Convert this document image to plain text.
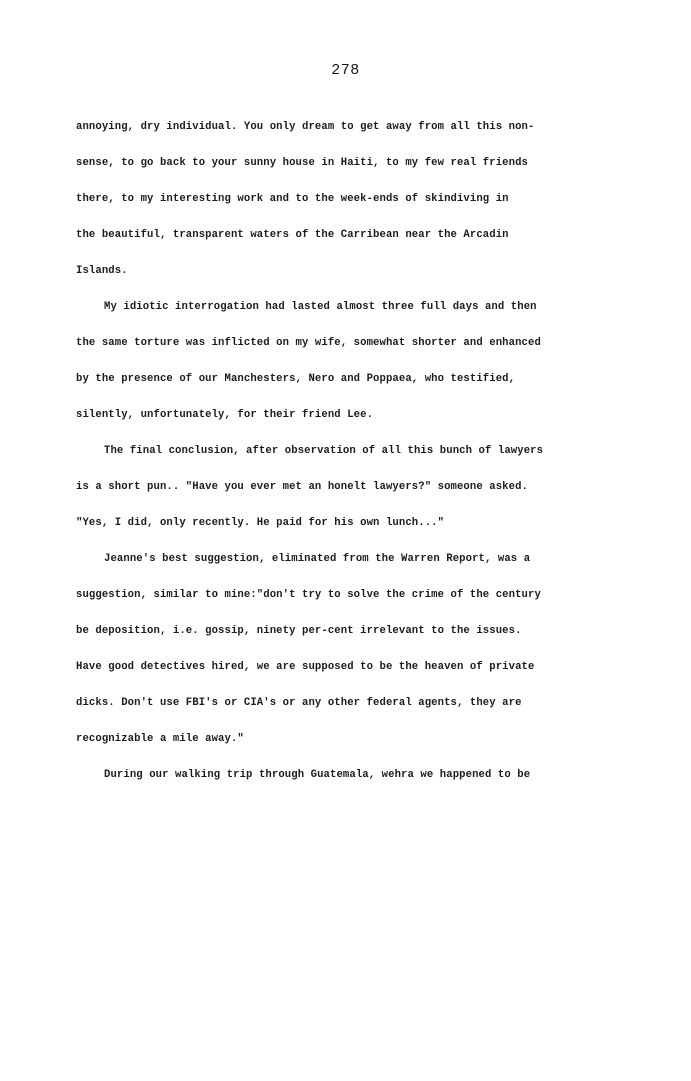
278
annoying, dry individual. You only dream to get away from all this non-
sense, to go back to your sunny house in Haiti, to my few real friends
there, to my interesting work and to the week-ends of skindiving in
the beautiful, transparent waters of the Carribean near the Arcadin
Islands.
My idiotic interrogation had lasted almost three full days and then
the same torture was inflicted on my wife, somewhat shorter and enhanced
by the presence of our Manchesters, Nero and Poppaea, who testified,
silently, unfortunately, for their friend Lee.
The final conclusion, after observation of all this bunch of lawyers
is a short pun.. "Have you ever met an honelt lawyers?" someone asked.
"Yes, I did, only recently. He paid for his own lunch..."
Jeanne's best suggestion, eliminated from the Warren Report, was a
suggestion, similar to mine:"don't try to solve the crime of the century
be deposition, i.e. gossip, ninety per-cent irrelevant to the issues.
Have good detectives hired, we are supposed to be the heaven of private
dicks. Don't use FBI's or CIA's or any other federal agents, they are
recognizable a mile away."
During our walking trip through Guatemala, wehra we happened to be
